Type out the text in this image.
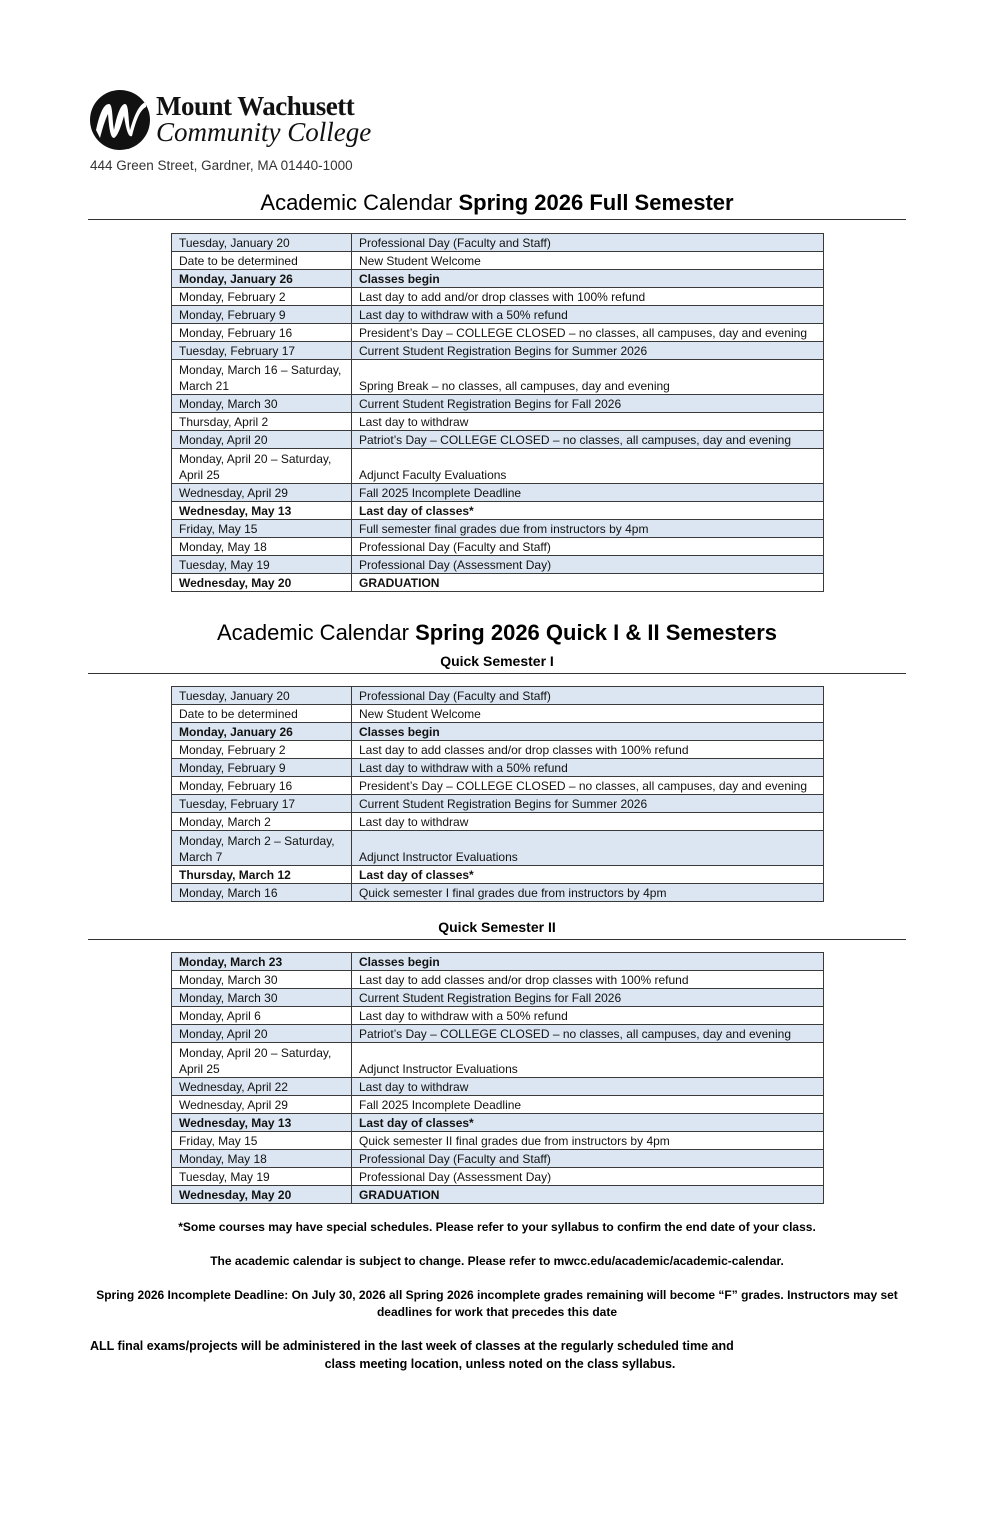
Mount Wachusett
Community College
444 Green Street, Gardner, MA 01440-1000
Academic Calendar Spring 2026 Full Semester
Tuesday, January 20	Professional Day (Faculty and Staff)
Date to be determined	New Student Welcome
Monday, January 26	Classes begin
Monday, February 2	Last day to add and/or drop classes with 100% refund
Monday, February 9	Last day to withdraw with a 50% refund
Monday, February 16	President’s Day – COLLEGE CLOSED – no classes, all campuses, day and evening
Tuesday, February 17	Current Student Registration Begins for Summer 2026
Monday, March 16 – Saturday, March 21	Spring Break – no classes, all campuses, day and evening
Monday, March 30	Current Student Registration Begins for Fall 2026
Thursday, April 2	Last day to withdraw
Monday, April 20	Patriot’s Day – COLLEGE CLOSED – no classes, all campuses, day and evening
Monday, April 20 – Saturday, April 25	Adjunct Faculty Evaluations
Wednesday, April 29	Fall 2025 Incomplete Deadline
Wednesday, May 13	Last day of classes*
Friday, May 15	Full semester final grades due from instructors by 4pm
Monday, May 18	Professional Day (Faculty and Staff)
Tuesday, May 19	Professional Day (Assessment Day)
Wednesday, May 20	GRADUATION
Academic Calendar Spring 2026 Quick I & II Semesters
Quick Semester I
Tuesday, January 20	Professional Day (Faculty and Staff)
Date to be determined	New Student Welcome
Monday, January 26	Classes begin
Monday, February 2	Last day to add classes and/or drop classes with 100% refund
Monday, February 9	Last day to withdraw with a 50% refund
Monday, February 16	President’s Day – COLLEGE CLOSED – no classes, all campuses, day and evening
Tuesday, February 17	Current Student Registration Begins for Summer 2026
Monday, March 2	Last day to withdraw
Monday, March 2 – Saturday, March 7	Adjunct Instructor Evaluations
Thursday, March 12	Last day of classes*
Monday, March 16	Quick semester I final grades due from instructors by 4pm
Quick Semester II
Monday, March 23	Classes begin
Monday, March 30	Last day to add classes and/or drop classes with 100% refund
Monday, March 30	Current Student Registration Begins for Fall 2026
Monday, April 6	Last day to withdraw with a 50% refund
Monday, April 20	Patriot’s Day – COLLEGE CLOSED – no classes, all campuses, day and evening
Monday, April 20 – Saturday, April 25	Adjunct Instructor Evaluations
Wednesday, April 22	Last day to withdraw
Wednesday, April 29	Fall 2025 Incomplete Deadline
Wednesday, May 13	Last day of classes*
Friday, May 15	Quick semester II final grades due from instructors by 4pm
Monday, May 18	Professional Day (Faculty and Staff)
Tuesday, May 19	Professional Day (Assessment Day)
Wednesday, May 20	GRADUATION
*Some courses may have special schedules. Please refer to your syllabus to confirm the end date of your class.
The academic calendar is subject to change. Please refer to mwcc.edu/academic/academic-calendar.
Spring 2026 Incomplete Deadline: On July 30, 2026 all Spring 2026 incomplete grades remaining will become “F” grades. Instructors may set deadlines for work that precedes this date
ALL final exams/projects will be administered in the last week of classes at the regularly scheduled time and
class meeting location, unless noted on the class syllabus.
